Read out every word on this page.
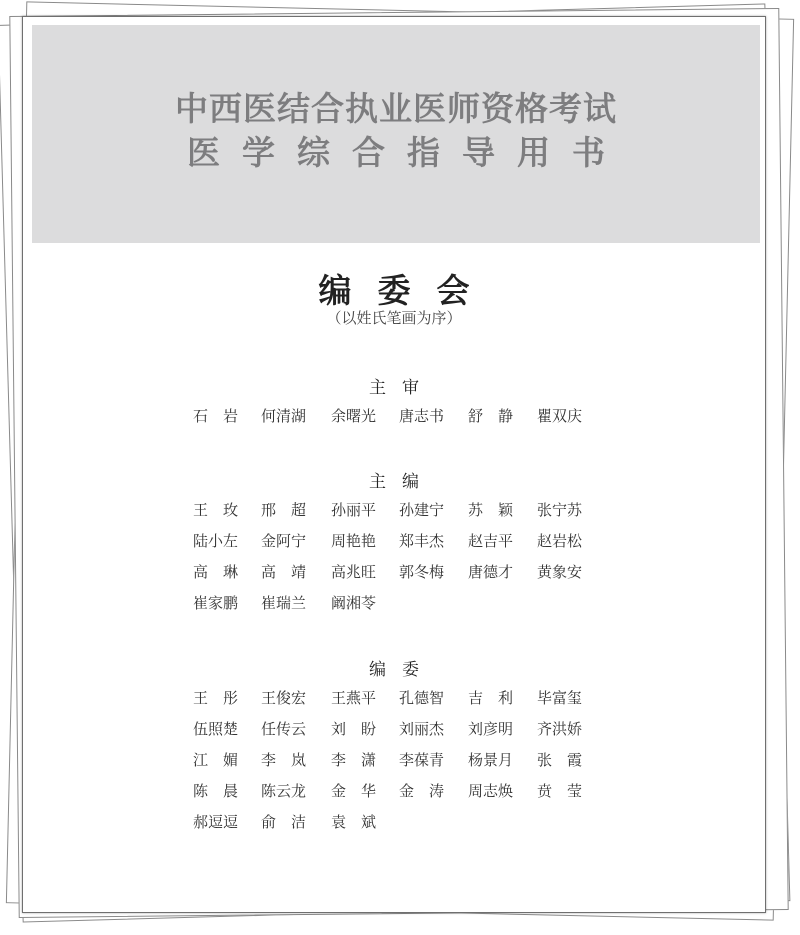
中西医结合执业医师资格考试
医学综合指导用书
编委会
（以姓氏笔画为序）
主审
石　岩 何清湖 余曙光 唐志书 舒　静 瞿双庆
主编
王　玫 邢　超 孙丽平 孙建宁 苏　颖 张宁苏
陆小左 金阿宁 周艳艳 郑丰杰 赵吉平 赵岩松
高　琳 高　靖 高兆旺 郭冬梅 唐德才 黄象安
崔家鹏 崔瑞兰 阚湘苓
编委
王　彤 王俊宏 王燕平 孔德智 吉　利 毕富玺
伍照楚 任传云 刘　盼 刘丽杰 刘彦明 齐洪娇
江　媚 李　岚 李　潇 李葆青 杨景月 张　霞
陈　晨 陈云龙 金　华 金　涛 周志焕 贲　莹
郝逗逗 俞　洁 袁　斌
